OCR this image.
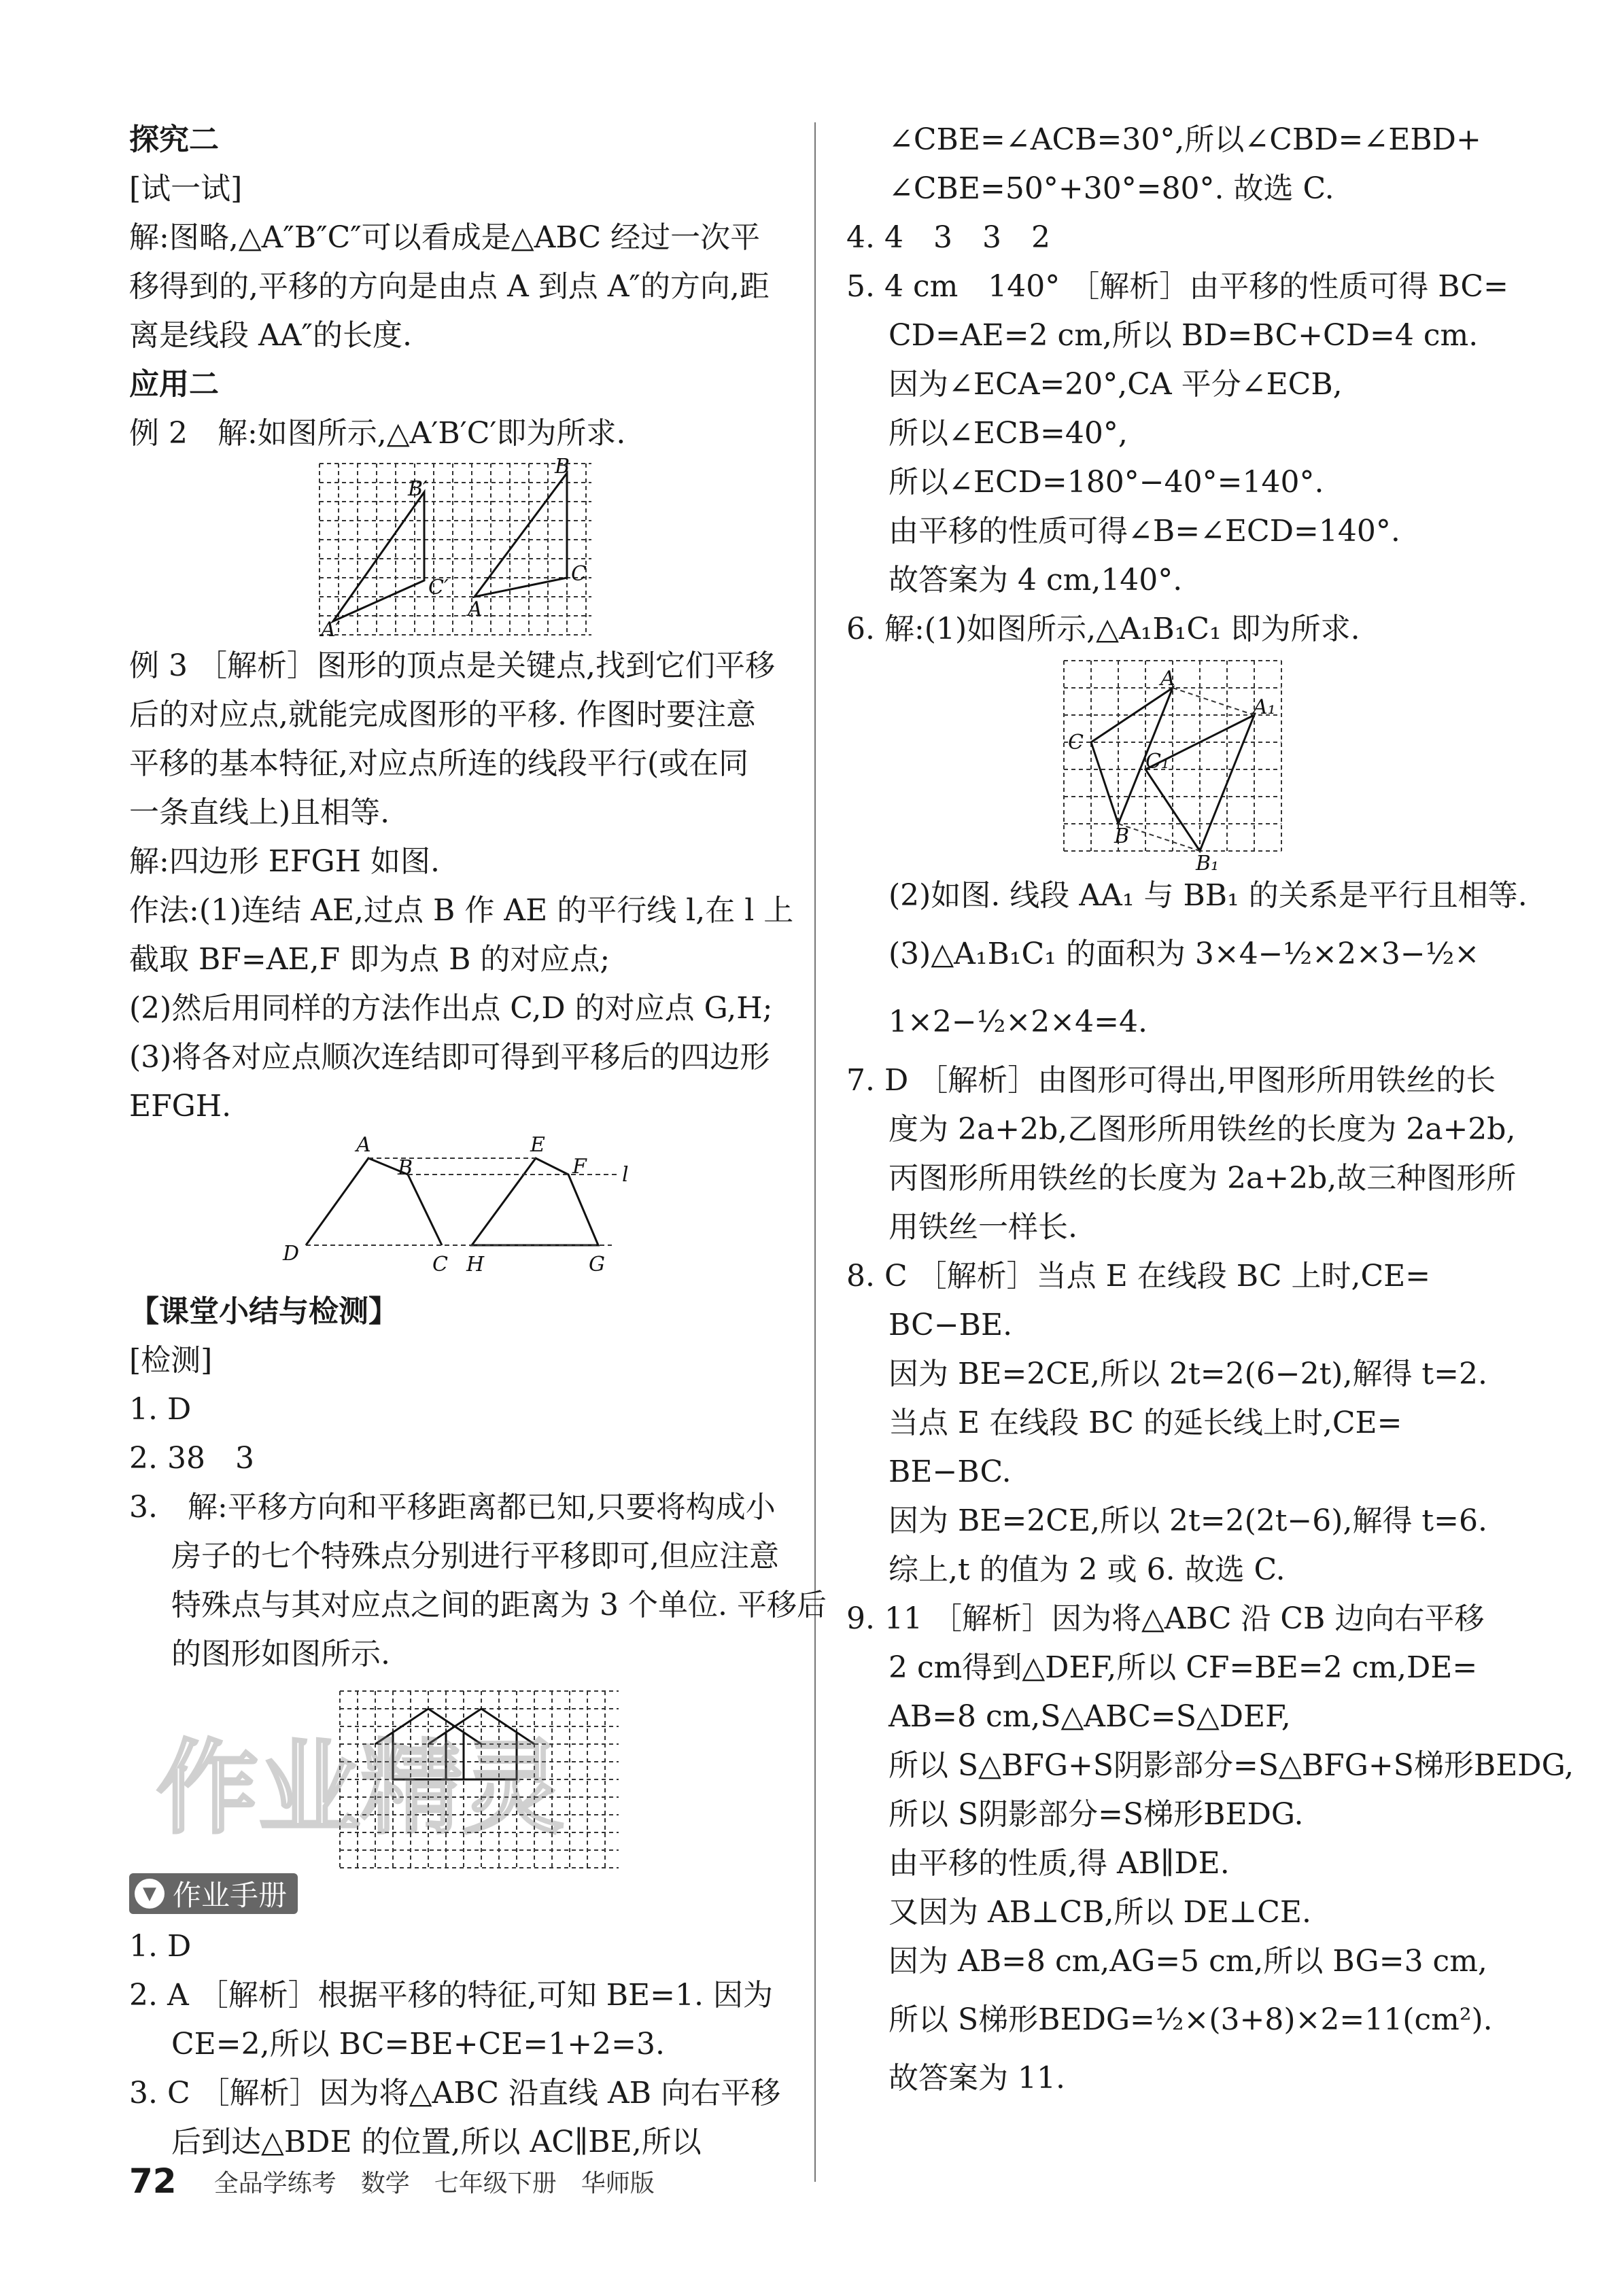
探究二
[试一试]
解:图略,△A″B″C″可以看成是△ABC 经过一次平
移得到的,平移的方向是由点 A 到点 A″的方向,距
离是线段 AA″的长度.
应用二
例 2　解:如图所示,△A′B′C′即为所求.
B′
C′
A′
B
C
A
例 3 ［解析］图形的顶点是关键点,找到它们平移
后的对应点,就能完成图形的平移. 作图时要注意
平移的基本特征,对应点所连的线段平行(或在同
一条直线上)且相等.
解:四边形 EFGH 如图.
作法:(1)连结 AE,过点 B 作 AE 的平行线 l,在 l 上
截取 BF=AE,F 即为点 B 的对应点;
(2)然后用同样的方法作出点 C,D 的对应点 G,H;
(3)将各对应点顺次连结即可得到平移后的四边形
EFGH.
A
B
E
F l
D	C H	G
【课堂小结与检测】
[检测]
1. D
2. 38　3
3.　解:平移方向和平移距离都已知,只要将构成小
房子的七个特殊点分别进行平移即可,但应注意
特殊点与其对应点之间的距离为 3 个单位. 平移后
的图形如图所示.
作业精灵
▼ 作业手册
1. D
2. A ［解析］根据平移的特征,可知 BE=1. 因为
CE=2,所以 BC=BE+CE=1+2=3.
3. C ［解析］因为将△ABC 沿直线 AB 向右平移
后到达△BDE 的位置,所以 AC∥BE,所以
∠CBE=∠ACB=30°,所以∠CBD=∠EBD+
∠CBE=50°+30°=80°. 故选 C.
4. 4　3　3　2
5. 4 cm　140° ［解析］由平移的性质可得 BC=
CD=AE=2 cm,所以 BD=BC+CD=4 cm.
因为∠ECA=20°,CA 平分∠ECB,
所以∠ECB=40°,
所以∠ECD=180°−40°=140°.
由平移的性质可得∠B=∠ECD=140°.
故答案为 4 cm,140°.
6. 解:(1)如图所示,△A₁B₁C₁ 即为所求.
A
A₁
C
C₁
B
B₁
(2)如图. 线段 AA₁ 与 BB₁ 的关系是平行且相等.
(3)△A₁B₁C₁ 的面积为 3×4−½×2×3−½×
1×2−½×2×4=4.
7. D ［解析］由图形可得出,甲图形所用铁丝的长
度为 2a+2b,乙图形所用铁丝的长度为 2a+2b,
丙图形所用铁丝的长度为 2a+2b,故三种图形所
用铁丝一样长.
8. C ［解析］当点 E 在线段 BC 上时,CE=
BC−BE.
因为 BE=2CE,所以 2t=2(6−2t),解得 t=2.
当点 E 在线段 BC 的延长线上时,CE=
BE−BC.
因为 BE=2CE,所以 2t=2(2t−6),解得 t=6.
综上,t 的值为 2 或 6. 故选 C.
9. 11 ［解析］因为将△ABC 沿 CB 边向右平移
2 cm得到△DEF,所以 CF=BE=2 cm,DE=
AB=8 cm,S△ABC=S△DEF,
所以 S△BFG+S阴影部分=S△BFG+S梯形BEDG,
所以 S阴影部分=S梯形BEDG.
由平移的性质,得 AB∥DE.
又因为 AB⊥CB,所以 DE⊥CE.
因为 AB=8 cm,AG=5 cm,所以 BG=3 cm,
所以 S梯形BEDG=½×(3+8)×2=11(cm²).
故答案为 11.
72 全品学练考　数学　七年级下册　华师版
